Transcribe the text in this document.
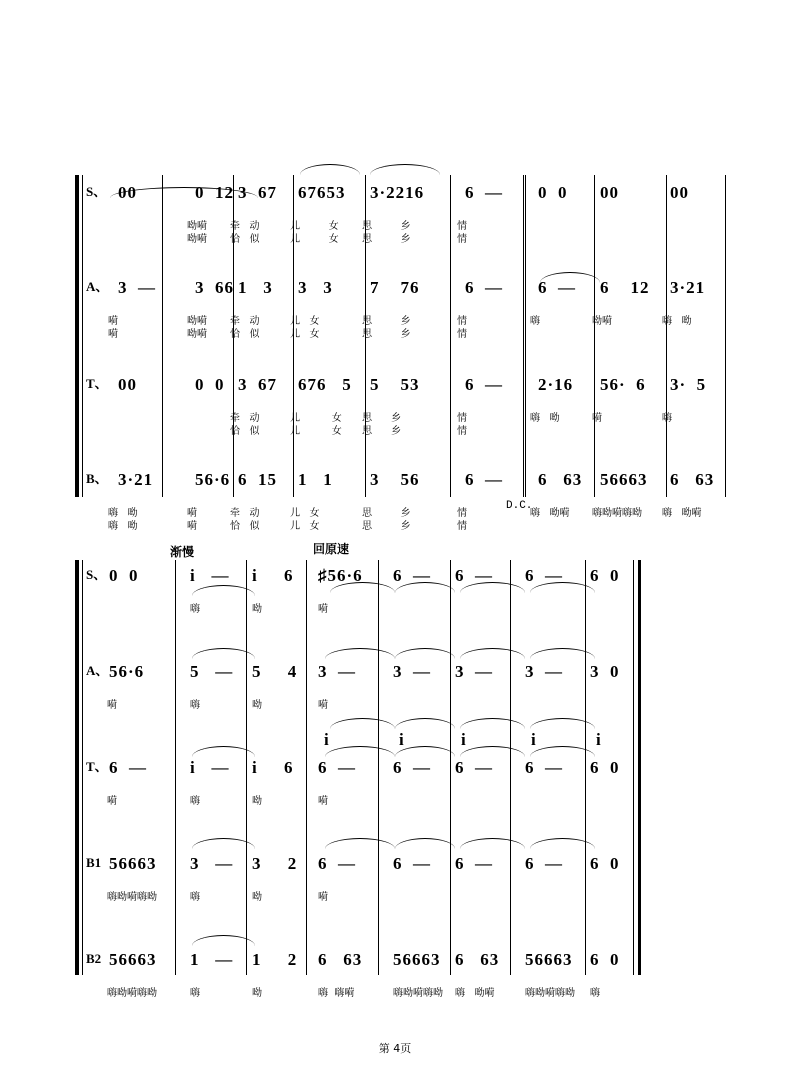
S、 00	0  12 3  67 67653 3·2216 6  — 0  0 00	00
呦嗬 牵   动	儿         女 思         乡	情
呦嗬 恰   似	儿         女 思         乡	情
A、 3  — 3  66 1   3 3   3 7    76	6  — 6  — 6    12 3·21
嗬	呦嗬 牵   动	儿   女	思         乡	情	嗨	呦嗬	嗨   呦
嗬	呦嗬 恰   似	儿   女	思         乡	情
T、 00	0  0 3  67 676   5 5    53	6  — 2·16 56·  6 3·  5
牵   动	儿          女 思      乡	情	嗨   呦	嗬	嗨
恰   似	儿          女 思      乡	情
B、 3·21 56·6 6  15 1   1 3    56	6  — 6   63 56663 6   63
嗨   呦	嗬	牵   动	儿   女	思         乡	情	嗨   呦嗬 嗨呦嗬嗨呦 嗨   呦嗬
嗨   呦	嗬	恰   似	儿   女	思         乡	情
D.C.
渐慢	回原速
S、 0  0	i   — i     6 ♯56·6 6  — 6  — 6  — 6  0
嗨	呦	嗬
A、 56·6	5   — 5     4 3  — 3  — 3  — 3  — 3  0
嗬	嗨	呦	嗬
T、 6  —	i   — i     6 6  — 6  — 6  — 6  — 6  0
嗬	嗨	呦	嗬
i	i	i	i	i
B1 56663 3   — 3     2 6  — 6  — 6  — 6  — 6  0
嗨呦嗬嗨呦	嗨	呦	嗬
B2 56663 1   — 1     2 6   63 56663 6   63 56663 6  0
嗨呦嗬嗨呦	嗨	呦	嗨  嗨嗬	嗨呦嗬嗨呦 嗨   呦嗬	嗨呦嗬嗨呦 嗨
第 4页
